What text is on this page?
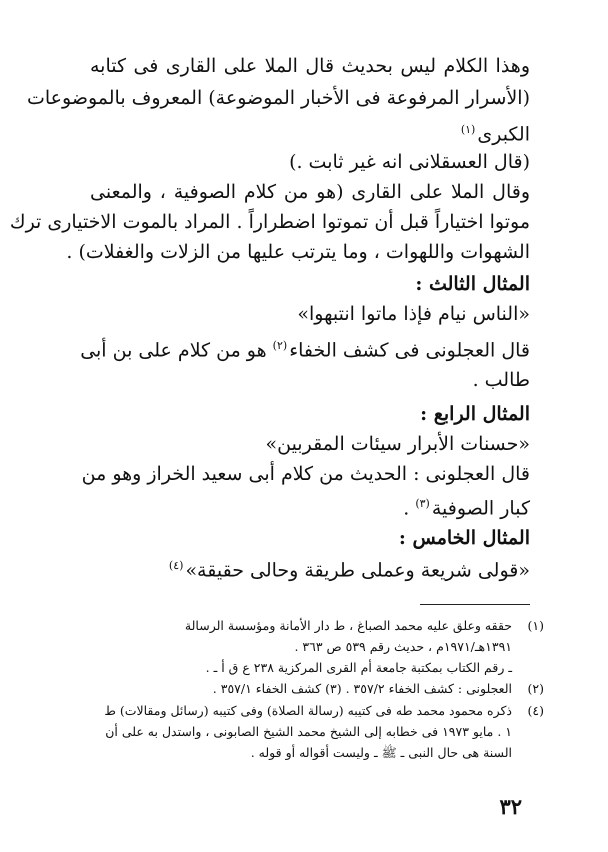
وهذا الكلام ليس بحديث قال الملا على القارى فى كتابه
(الأسرار المرفوعة فى الأخبار الموضوعة) المعروف بالموضوعات
الكبرى$^{(١)}$
(قال العسقلانى انه غير ثابت .)
وقال الملا على القارى (هو من كلام الصوفية ، والمعنى
موتوا اختياراً قبل أن تموتوا اضطراراً . المراد بالموت الاختيارى ترك
الشهوات واللهوات ، وما يترتب عليها من الزلات والغفلات) .
المثال الثالث :
«الناس نيام فإذا ماتوا انتبهوا»
قال العجلونى فى كشف الخفاء$^{(٢)}$ هو من كلام على بن أبى
طالب .
المثال الرابع :
«حسنات الأبرار سيئات المقربين»
قال العجلونى : الحديث من كلام أبى سعيد الخراز وهو من
كبار الصوفية$^{(٣)}$ .
المثال الخامس :
«قولى شريعة وعملى طريقة وحالى حقيقة»$^{(٤)}$
(١)
حققه وعلق عليه محمد الصباغ ، ط دار الأمانة ومؤسسة الرسالة
١٣٩١هـ/١٩٧١م ، حديث رقم ٥٣٩ ص ٣٦٣ .
ـ رقم الكتاب بمكتبة جامعة أم القرى المركزية ٢٣٨ ع ق أ ـ .
(٢)
العجلونى : كشف الخفاء ٣٥٧/٢ . (٣) كشف الخفاء ٣٥٧/١ .
(٤)
ذكره محمود محمد طه فى كتيبه (رسالة الصلاة) وفى كتيبه (رسائل ومقالات) ط
١ . مايو ١٩٧٣ فى خطابه إلى الشيخ محمد الشيخ الصابونى ، واستدل به على أن
السنة هى حال النبى ـ ﷺ ـ وليست أقواله أو قوله .
٣٢
